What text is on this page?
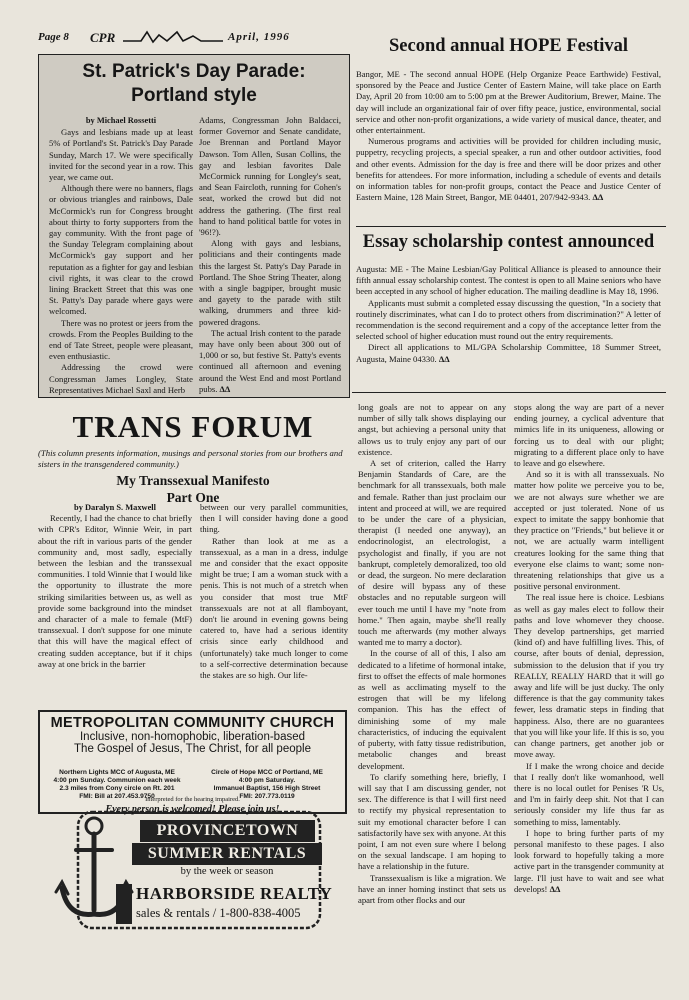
Page 8 CPR	April, 1996
St. Patrick's Day Parade:
Portland style
by Michael Rossetti

Gays and lesbians made up at least 5% of Portland's St. Patrick's Day Parade Sunday, March 17. We were specifically invited for the second year in a row. This year, we came out.

Although there were no banners, flags or obvious triangles and rainbows, Dale McCormick's run for Congress brought about thirty to forty supporters from the gay community. With the front page of the Sunday Telegram complaining about McCormick's gay support and her reputation as a fighter for gay and lesbian civil rights, it was clear to the crowd lining Brackett Street that this was one St. Patty's Day parade where gays were welcomed.

There was no protest or jeers from the crowds. From the Peoples Building to the end of Tate Street, people were pleasant, even enthusiastic.

Addressing the crowd were Congressman James Longley, State Representatives Michael Saxl and Herb

Adams, Congressman John Baldacci, former Governor and Senate candidate, Joe Brennan and Portland Mayor Dawson. Tom Allen, Susan Collins, the gay and lesbian favorites Dale McCormick running for Longley's seat, and Sean Faircloth, running for Cohen's seat, worked the crowd but did not address the gathering. (The first real hand to hand political battle for votes in '96!?).

Along with gays and lesbians, politicians and their contingents made this the largest St. Patty's Day Parade in Portland. The Shoe String Theater, along with a single bagpiper, brought music and gayety to the parade with stilt walking, drummers and three kid-powered dragons.

The actual Irish content to the parade may have only been about 300 out of 1,000 or so, but festive St. Patty's events continued all afternoon and evening around the West End and most Portland pubs. ΔΔ

Second annual HOPE Festival

Bangor, ME - The second annual HOPE (Help Organize Peace Earthwide) Festival, sponsored by the Peace and Justice Center of Eastern Maine, will take place on Earth Day, April 20 from 10:00 am to 5:00 pm at the Brewer Auditorium, Brewer, Maine. The day will include an organizational fair of over fifty peace, justice, environmental, social service and other non-profit organizations, a wide variety of musical dance, theater, and other entertainment.

Numerous programs and activities will be provided for children including music, puppetry, recycling projects, a special speaker, a run and other outdoor activities, food and other events. Admission for the day is free and there will be door prizes and other benefits for attendees. For more information, including a schedule of events and details on information tables for non-profit groups, contact the Peace and Justice Center of Eastern Maine, 128 Main Street, Bangor, ME 04401, 207/942-9343. ΔΔ

Essay scholarship contest announced

Augusta: ME - The Maine Lesbian/Gay Political Alliance is pleased to announce their fifth annual essay scholarship contest. The contest is open to all Maine seniors who have been accepted in any school of higher education. The mailing deadline is May 18, 1996.

Applicants must submit a completed essay discussing the question, "In a society that routinely discriminates, what can I do to protect others from discrimination?" A letter of recommendation is the second requirement and a copy of the acceptance letter from the selected school of higher education must round out the entry requirements.

Direct all applications to ML/GPA Scholarship Committee, 18 Summer Street, Augusta, Maine 04330. ΔΔ

TRANS FORUM
(This column presents information, musings and personal stories from our brothers and sisters in the transgendered community.)
My Transsexual Manifesto
Part One
by Daralyn S. Maxwell

Recently, I had the chance to chat briefly with CPR's Editor, Winnie Weir, in part about the rift in various parts of the gender community and, most sadly, especially between the lesbian and the transsexual communities. I told Winnie that I would like the opportunity to illustrate the more striking similarities between us, as well as provide some background into the mindset and character of a male to female (MtF) transsexual. I don't suppose for one minute that this will have the magical effect of creating sudden acceptance, but if it chips away at one brick in the barrier

between our very parallel communities, then I will consider having done a good thing.

Rather than look at me as a transsexual, as a man in a dress, indulge me and consider that the exact opposite might be true; I am a woman stuck with a penis. This is not much of a stretch when you consider that most true MtF transsexuals are not at all flamboyant, don't lie around in evening gowns being catered to, have had a serious identity crisis since early childhood and (unfortunately) take much longer to come to a self-corrective determination because the stakes are so high. Our life-

long goals are not to appear on any number of silly talk shows displaying our angst, but achieving a personal unity that allows us to truly enjoy any part of our existence.

A set of criterion, called the Harry Benjamin Standards of Care, are the benchmark for all transsexuals, both male and female. Rather than just proclaim our intent and proceed at will, we are required to be under the care of a physician, therapist (I needed one anyway), an endocrinologist, an electrologist, a psychologist and finally, if you are not bankrupt, completely demoralized, too old or dead, the surgeon. No mere declaration of desire will bypass any of these obstacles and no reputable surgeon will ever touch me until I have my "note from home." Then again, maybe she'll really touch me afterwards (my mother always wanted me to marry a doctor).

In the course of all of this, I also am dedicated to a lifetime of hormonal intake, first to offset the effects of male hormones as well as acclimating myself to the estrogen that will be my lifelong companion. This has the effect of diminishing some of my male characteristics, of inducing the equivalent of puberty, with fatty tissue redistribution, metabolic changes and breast development.

To clarify something here, briefly, I will say that I am discussing gender, not sex. The difference is that I will first need to rectify my physical representation to suit my emotional character before I can satisfactorily have sex with anyone. At this point, I am not even sure where I belong on the sexual landscape. I am hoping to have a relationship in the future.

Transsexualism is like a migration. We have an inner homing instinct that sets us apart from other flocks and our

stops along the way are part of a never ending journey, a cyclical adventure that mimics life in its uniqueness, allowing or forcing us to deal with our plight; migrating to a different place only to have to leave and go elsewhere.

And so it is with all transsexuals. No matter how polite we perceive you to be, we are not always sure whether we are accepted or just tolerated. None of us expect to imitate the sappy bonhomie that they practice on "Friends," but believe it or not, we are actually warm intelligent creatures looking for the same thing that everyone else claims to want; some non-threatening relationships that give us a positive personal environment.

The real issue here is choice. Lesbians as well as gay males elect to follow their paths and love whomever they choose. They develop partnerships, get married (kind of) and have fulfilling lives. This, of course, after bouts of denial, depression, submission to the delusion that if you try REALLY, REALLY HARD that it will go away and life will be just ducky. The only difference is that the gay community takes fewer, less dramatic steps in finding that happiness. Also, there are no guarantees that you will like your life. If this is so, you can change partners, get another job or move away.

If I make the wrong choice and decide that I really don't like womanhood, well there is no local outlet for Penises 'R Us, and I'm in fairly deep shit. Not that I can seriously consider my life thus far as something to miss, lamentably.

I hope to bring further parts of my personal manifesto to these pages. I also look forward to hopefully taking a more active part in the transgender community at large. I'll just have to wait and see what develops! ΔΔ

METROPOLITAN COMMUNITY CHURCH
Inclusive, non-homophobic, liberation-based
The Gospel of Jesus, The Christ, for all people
Northern Lights MCC of Augusta, ME
4:00 pm Sunday. Communion each week
2.3 miles from Cony circle on Rt. 201
FMI: Bill at 207.453.9750
Circle of Hope MCC of Portland, ME
4:00 pm Saturday.
Immanuel Baptist, 156 High Street
FMI: 207.773.0119
Interpreted for the hearing impaired.
Every person is welcomed! Please join us!
PROVINCETOWN
SUMMER RENTALS
by the week or season
HARBORSIDE REALTY
sales & rentals / 1-800-838-4005
